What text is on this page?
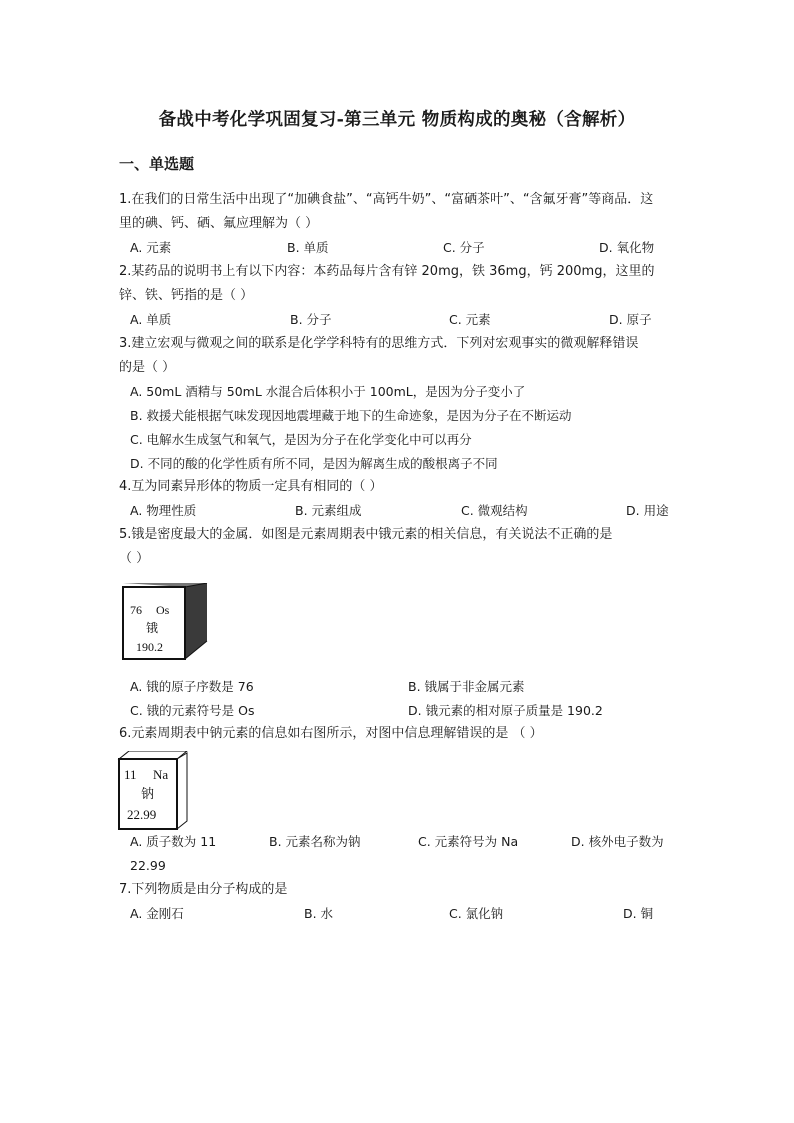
备战中考化学巩固复习-第三单元 物质构成的奥秘（含解析）
一、单选题
1.在我们的日常生活中出现了“加碘食盐”、“高钙牛奶”、“富硒茶叶”、“含氟牙膏”等商品．这
里的碘、钙、硒、氟应理解为（ ）
A. 元素	B. 单质	C. 分子	D. 氧化物
2.某药品的说明书上有以下内容：本药品每片含有锌 20mg，铁 36mg，钙 200mg，这里的
锌、铁、钙指的是（ ）
A. 单质	B. 分子	C. 元素	D. 原子
3.建立宏观与微观之间的联系是化学学科特有的思维方式．下列对宏观事实的微观解释错误
的是（ ）
A. 50mL 酒精与 50mL 水混合后体积小于 100mL，是因为分子变小了
B. 救援犬能根据气味发现因地震埋藏于地下的生命迹象，是因为分子在不断运动
C. 电解水生成氢气和氧气，是因为分子在化学变化中可以再分
D. 不同的酸的化学性质有所不同，是因为解离生成的酸根离子不同
4.互为同素异形体的物质一定具有相同的（ ）
A. 物理性质	B. 元素组成	C. 微观结构	D. 用途
5.锇是密度最大的金属．如图是元素周期表中锇元素的相关信息，有关说法不正确的是
（ ）
76 Os
锇
190.2
A. 锇的原子序数是 76	B. 锇属于非金属元素
C. 锇的元素符号是 Os	D. 锇元素的相对原子质量是 190.2
6.元素周期表中钠元素的信息如右图所示，对图中信息理解错误的是 （ ）
11 Na
钠
22.99
A. 质子数为 11	B. 元素名称为钠	C. 元素符号为 Na	D. 核外电子数为
22.99
7.下列物质是由分子构成的是
A. 金刚石	B. 水	C. 氯化钠	D. 铜
